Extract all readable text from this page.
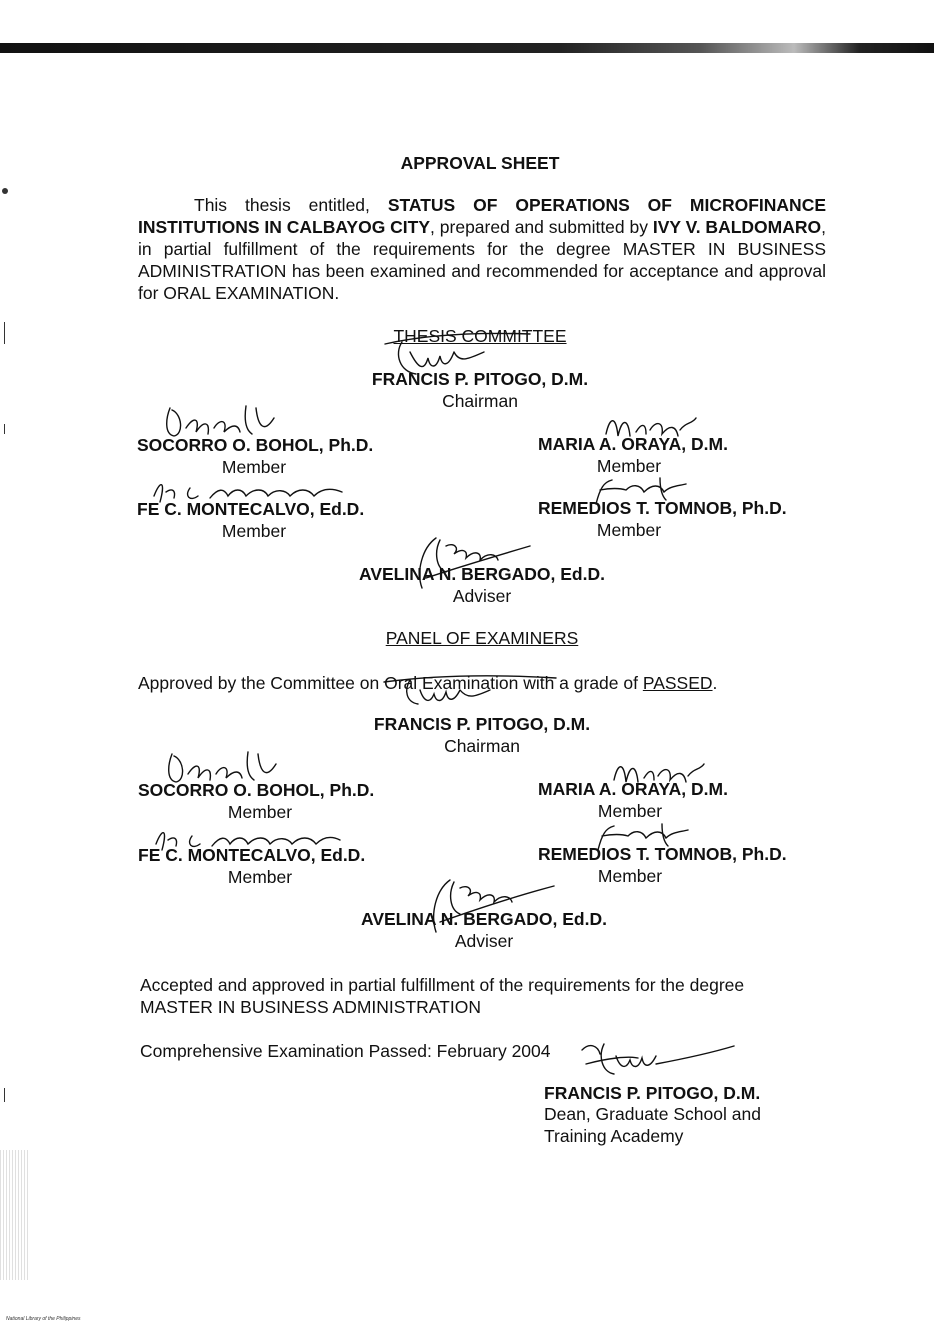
APPROVAL SHEET
This thesis entitled, STATUS OF OPERATIONS OF MICROFINANCE INSTITUTIONS IN CALBAYOG CITY, prepared and submitted by IVY V. BALDOMARO, in partial fulfillment of the requirements for the degree MASTER IN BUSINESS ADMINISTRATION has been examined and recommended for acceptance and approval for ORAL EXAMINATION.
THESIS COMMITTEE
FRANCIS P. PITOGO, D.M.
Chairman
SOCORRO O. BOHOL, Ph.D.
Member
MARIA A. ORAYA, D.M.
Member
FE C. MONTECALVO, Ed.D.
Member
REMEDIOS T. TOMNOB, Ph.D.
Member
AVELINA N. BERGADO, Ed.D.
Adviser
PANEL OF EXAMINERS
Approved by the Committee on Oral Examination with a grade of PASSED.
FRANCIS P. PITOGO, D.M.
Chairman
SOCORRO O. BOHOL, Ph.D.
Member
MARIA A. ORAYA, D.M.
Member
FE C. MONTECALVO, Ed.D.
Member
REMEDIOS T. TOMNOB, Ph.D.
Member
AVELINA N. BERGADO, Ed.D.
Adviser
Accepted and approved in partial fulfillment of the requirements for the degree
MASTER IN BUSINESS ADMINISTRATION
Comprehensive Examination Passed: February 2004
FRANCIS P. PITOGO, D.M.
Dean, Graduate School and
Training Academy
National Library of the Philippines
